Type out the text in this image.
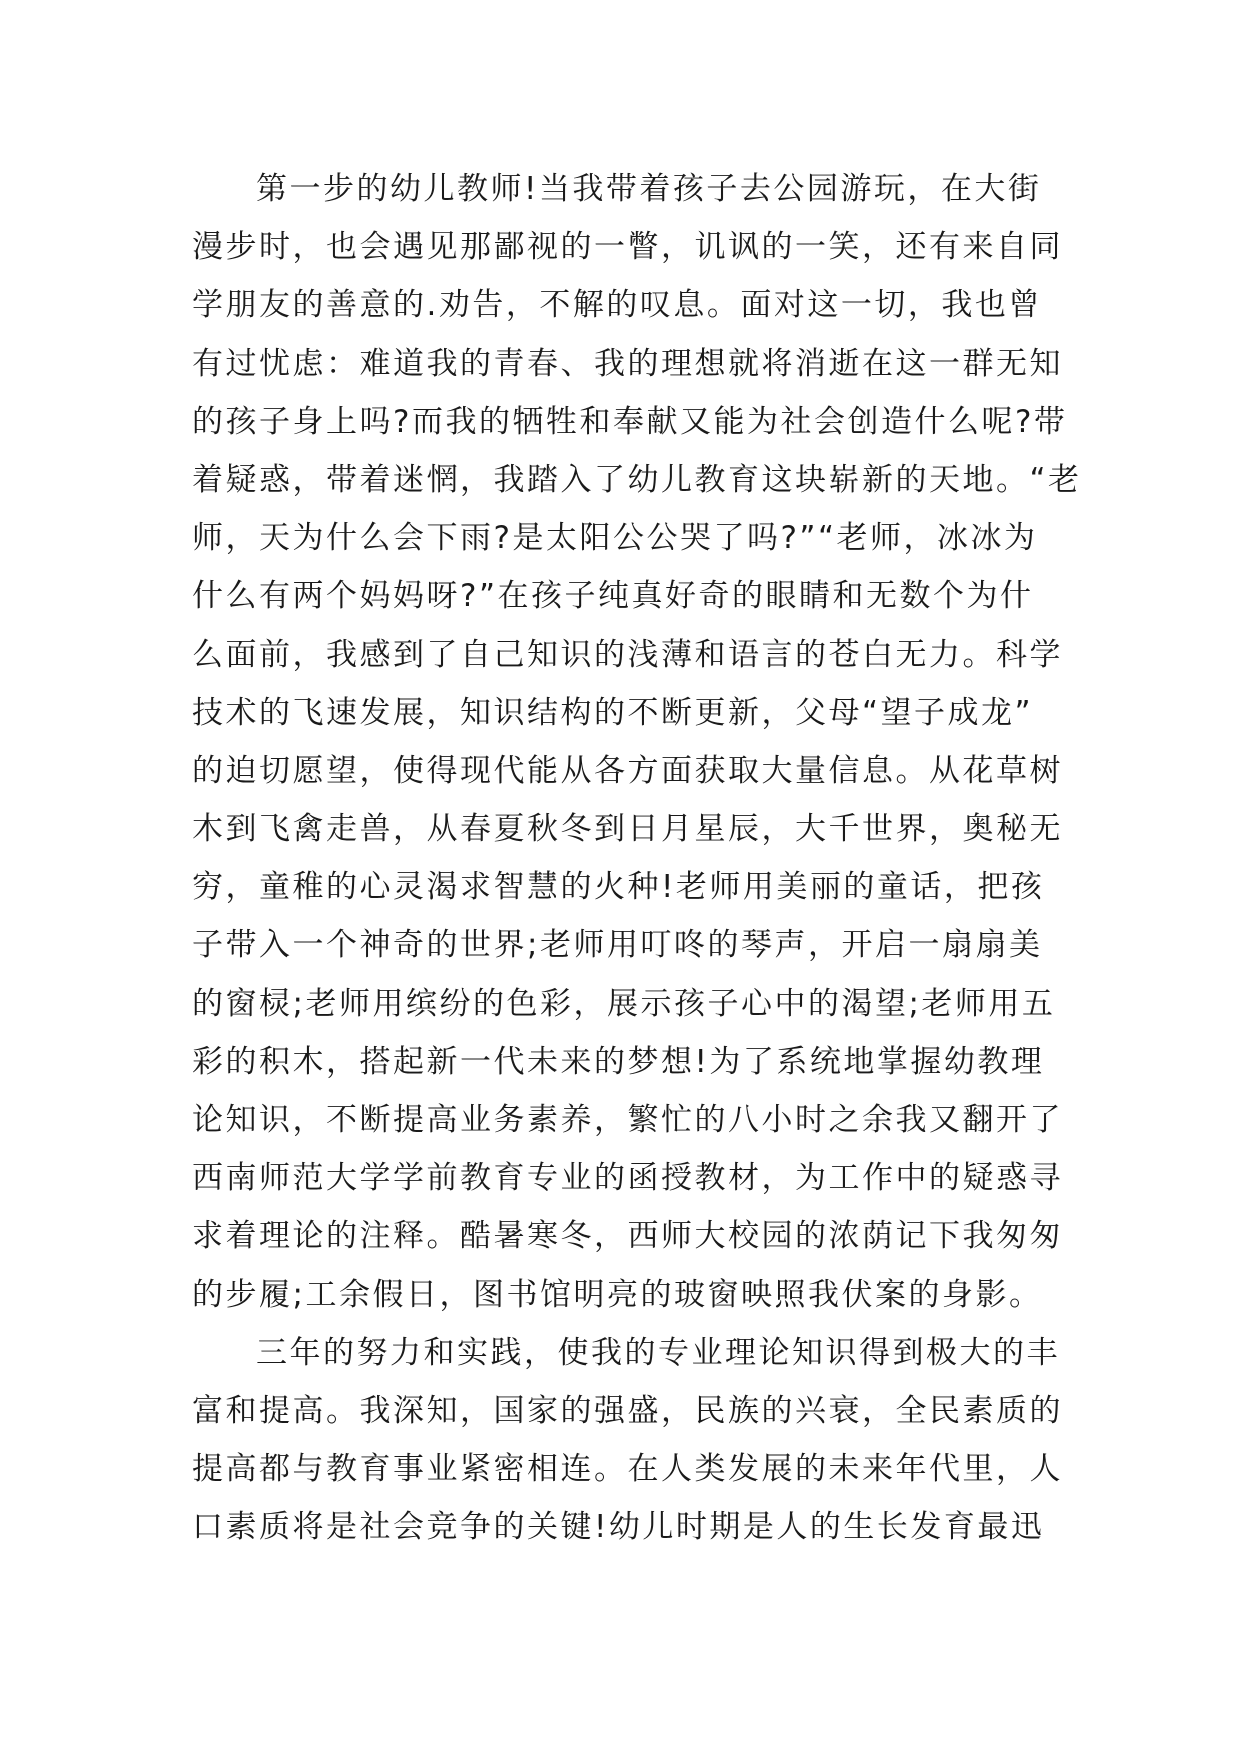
第一步的幼儿教师!当我带着孩子去公园游玩，在大街
漫步时，也会遇见那鄙视的一瞥，讥讽的一笑，还有来自同
学朋友的善意的.劝告，不解的叹息。面对这一切，我也曾
有过忧虑：难道我的青春、我的理想就将消逝在这一群无知
的孩子身上吗?而我的牺牲和奉献又能为社会创造什么呢?带
着疑惑，带着迷惘，我踏入了幼儿教育这块崭新的天地。“老
师，天为什么会下雨?是太阳公公哭了吗?”“老师，冰冰为
什么有两个妈妈呀?”在孩子纯真好奇的眼睛和无数个为什
么面前，我感到了自己知识的浅薄和语言的苍白无力。科学
技术的飞速发展，知识结构的不断更新，父母“望子成龙”
的迫切愿望，使得现代能从各方面获取大量信息。从花草树
木到飞禽走兽，从春夏秋冬到日月星辰，大千世界，奥秘无
穷，童稚的心灵渴求智慧的火种!老师用美丽的童话，把孩
子带入一个神奇的世界;老师用叮咚的琴声，开启一扇扇美
的窗棂;老师用缤纷的色彩，展示孩子心中的渴望;老师用五
彩的积木，搭起新一代未来的梦想!为了系统地掌握幼教理
论知识，不断提高业务素养，繁忙的八小时之余我又翻开了
西南师范大学学前教育专业的函授教材，为工作中的疑惑寻
求着理论的注释。酷暑寒冬，西师大校园的浓荫记下我匆匆
的步履;工余假日，图书馆明亮的玻窗映照我伏案的身影。
三年的努力和实践，使我的专业理论知识得到极大的丰
富和提高。我深知，国家的强盛，民族的兴衰，全民素质的
提高都与教育事业紧密相连。在人类发展的未来年代里，人
口素质将是社会竞争的关键!幼儿时期是人的生长发育最迅
